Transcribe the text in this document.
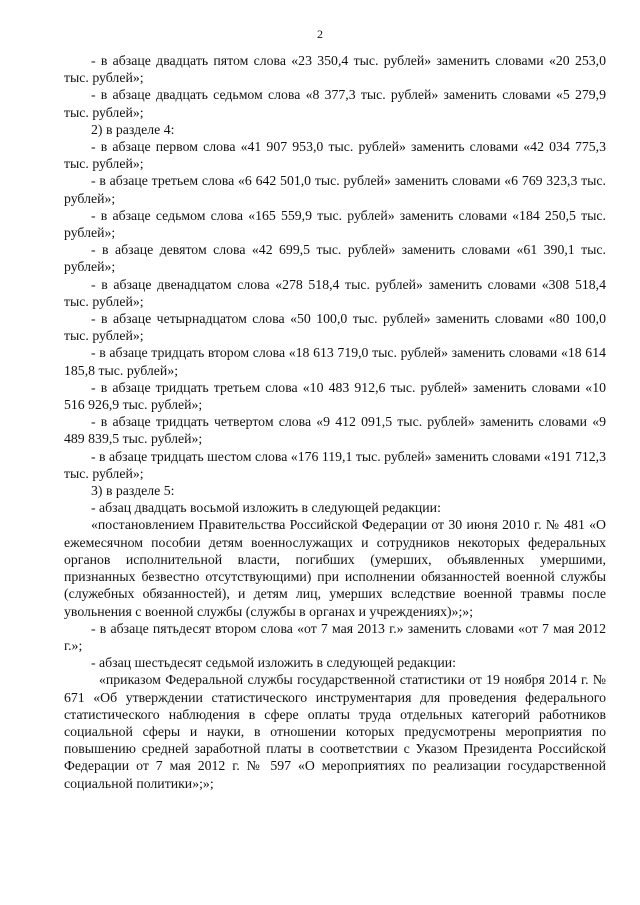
2

- в абзаце двадцать пятом слова «23 350,4 тыс. рублей» заменить словами «20 253,0 тыс. рублей»;

- в абзаце двадцать седьмом слова «8 377,3 тыс. рублей» заменить словами «5 279,9 тыс. рублей»;

2) в разделе 4:

- в абзаце первом слова «41 907 953,0 тыс. рублей» заменить словами «42 034 775,3 тыс. рублей»;

- в абзаце третьем слова «6 642 501,0 тыс. рублей» заменить словами «6 769 323,3 тыс. рублей»;

- в абзаце седьмом слова «165 559,9 тыс. рублей» заменить словами «184 250,5 тыс. рублей»;

- в абзаце девятом слова «42 699,5 тыс. рублей» заменить словами «61 390,1 тыс. рублей»;

- в абзаце двенадцатом слова «278 518,4 тыс. рублей» заменить словами «308 518,4 тыс. рублей»;

- в абзаце четырнадцатом слова «50 100,0 тыс. рублей» заменить словами «80 100,0 тыс. рублей»;

- в абзаце тридцать втором слова «18 613 719,0 тыс. рублей» заменить словами «18 614 185,8 тыс. рублей»;

- в абзаце тридцать третьем слова «10 483 912,6 тыс. рублей» заменить словами «10 516 926,9 тыс. рублей»;

- в абзаце тридцать четвертом слова «9 412 091,5 тыс. рублей» заменить словами «9 489 839,5 тыс. рублей»;

- в абзаце тридцать шестом слова «176 119,1 тыс. рублей» заменить словами «191 712,3 тыс. рублей»;

3) в разделе 5:

- абзац двадцать восьмой изложить в следующей редакции:

«постановлением Правительства Российской Федерации от 30 июня 2010 г. № 481 «О ежемесячном пособии детям военнослужащих и сотрудников некоторых федеральных органов исполнительной власти, погибших (умерших, объявленных умершими, признанных безвестно отсутствующими) при исполнении обязанностей военной службы (служебных обязанностей), и детям лиц, умерших вследствие военной травмы после увольнения с военной службы (службы в органах и учреждениях)»;»;

- в абзаце пятьдесят втором слова «от 7 мая 2013 г.» заменить словами «от 7 мая 2012 г.»;

- абзац шестьдесят седьмой изложить в следующей редакции:

«приказом Федеральной службы государственной статистики от 19 ноября 2014 г. № 671 «Об утверждении статистического инструментария для проведения федерального статистического наблюдения в сфере оплаты труда отдельных категорий работников социальной сферы и науки, в отношении которых предусмотрены мероприятия по повышению средней заработной платы в соответствии с Указом Президента Российской Федерации от 7 мая 2012 г. № 597 «О мероприятиях по реализации государственной социальной политики»;»;
